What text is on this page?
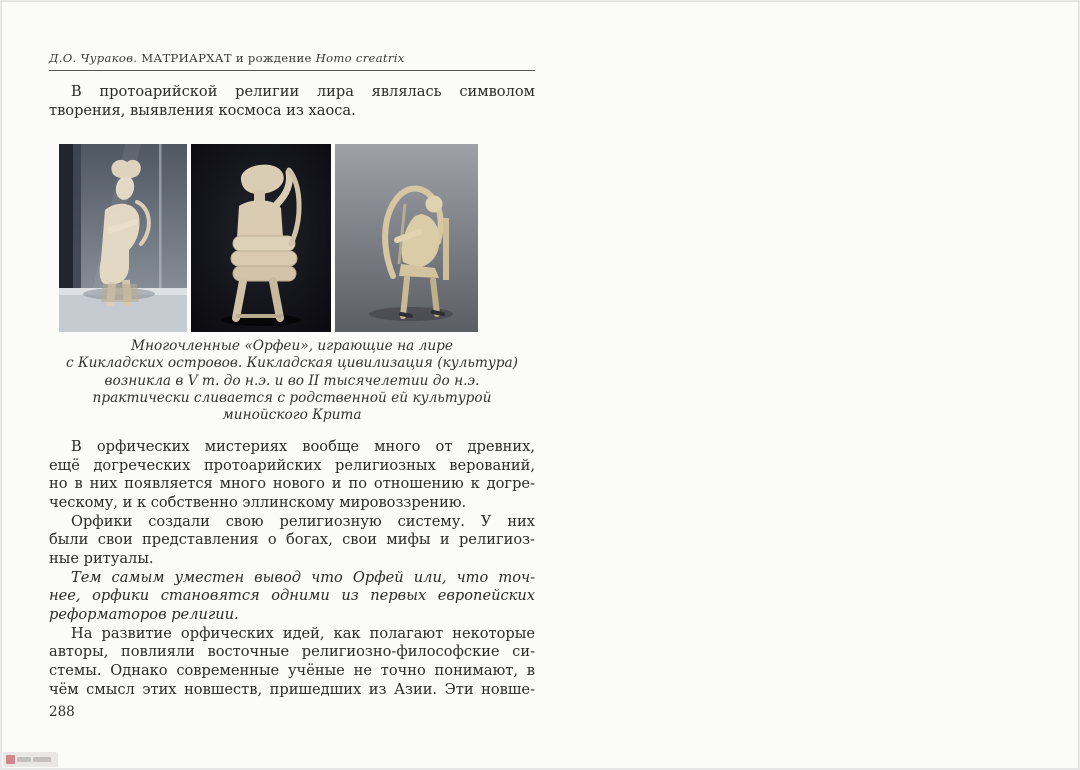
Д.О. Чураков. МАТРИАРХАТ и рождение Homo creatrix
В протоарийской религии лира являлась символом
творения, выявления космоса из хаоса.
Многочленные «Орфеи», играющие на лире
с Кикладских островов. Кикладская цивилизация (культура)
возникла в V т. до н.э. и во II тысячелетии до н.э.
практически сливается с родственной ей культурой
минойского Крита
В орфических мистериях вообще много от древних,
ещё догреческих протоарийских религиозных верований,
но в них появляется много нового и по отношению к догре-
ческому, и к собственно эллинскому мировоззрению.
Орфики создали свою религиозную систему. У них
были свои представления о богах, свои мифы и религиоз-
ные ритуалы.
Тем самым уместен вывод что Орфей или, что точ-
нее, орфики становятся одними из первых европейских
реформаторов религии.
На развитие орфических идей, как полагают некоторые
авторы, повлияли восточные религиозно-философские си-
стемы. Однако современные учёные не точно понимают, в
чём смысл этих новшеств, пришедших из Азии. Эти новше-
288
